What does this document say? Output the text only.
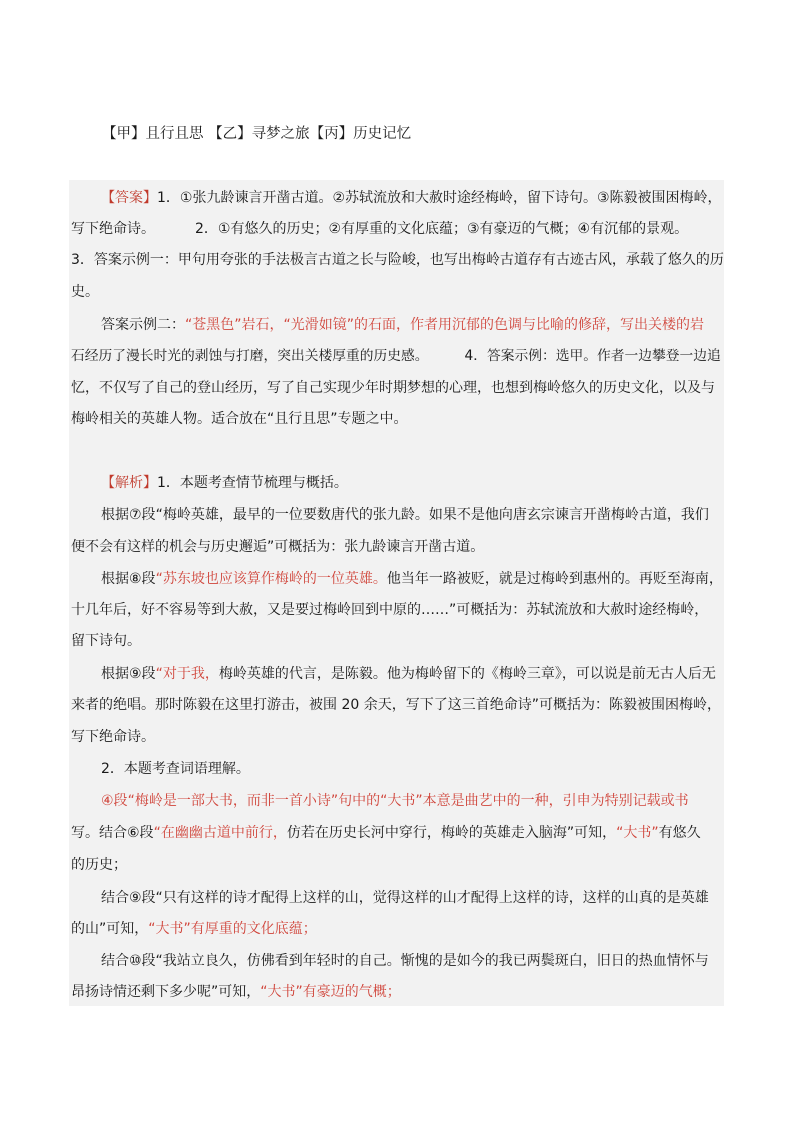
【甲】且行且思 【乙】寻梦之旅【丙】历史记忆
【答案】1．①张九龄谏言开凿古道。②苏轼流放和大赦时途经梅岭，留下诗句。③陈毅被围困梅岭，
写下绝命诗。	2．①有悠久的历史；②有厚重的文化底蕴；③有豪迈的气概；④有沉郁的景观。
3．答案示例一：甲句用夸张的手法极言古道之长与险峻，也写出梅岭古道存有古迹古风，承载了悠久的历
史。
答案示例二：“苍黑色”岩石，“光滑如镜”的石面，作者用沉郁的色调与比喻的修辞，写出关楼的岩
石经历了漫长时光的剥蚀与打磨，突出关楼厚重的历史感。	4．答案示例：选甲。作者一边攀登一边追
忆，不仅写了自己的登山经历，写了自己实现少年时期梦想的心理，也想到梅岭悠久的历史文化，以及与
梅岭相关的英雄人物。适合放在“且行且思”专题之中。
【解析】1．本题考查情节梳理与概括。
根据⑦段“梅岭英雄，最早的一位要数唐代的张九龄。如果不是他向唐玄宗谏言开凿梅岭古道，我们
便不会有这样的机会与历史邂逅”可概括为：张九龄谏言开凿古道。
根据⑧段“苏东坡也应该算作梅岭的一位英雄。他当年一路被贬，就是过梅岭到惠州的。再贬至海南，
十几年后，好不容易等到大赦，又是要过梅岭回到中原的……”可概括为：苏轼流放和大赦时途经梅岭，
留下诗句。
根据⑨段“对于我，梅岭英雄的代言，是陈毅。他为梅岭留下的《梅岭三章》，可以说是前无古人后无
来者的绝唱。那时陈毅在这里打游击，被围 20 余天，写下了这三首绝命诗”可概括为：陈毅被围困梅岭，
写下绝命诗。
2．本题考查词语理解。
④段“梅岭是一部大书，而非一首小诗”句中的“大书”本意是曲艺中的一种，引申为特别记载或书
写。结合⑥段“在幽幽古道中前行，仿若在历史长河中穿行，梅岭的英雄走入脑海”可知，“大书”有悠久
的历史；
结合⑨段“只有这样的诗才配得上这样的山，觉得这样的山才配得上这样的诗，这样的山真的是英雄
的山”可知，“大书”有厚重的文化底蕴；
结合⑩段“我站立良久，仿佛看到年轻时的自己。惭愧的是如今的我已两鬓斑白，旧日的热血情怀与
昂扬诗情还剩下多少呢”可知，“大书”有豪迈的气概；
